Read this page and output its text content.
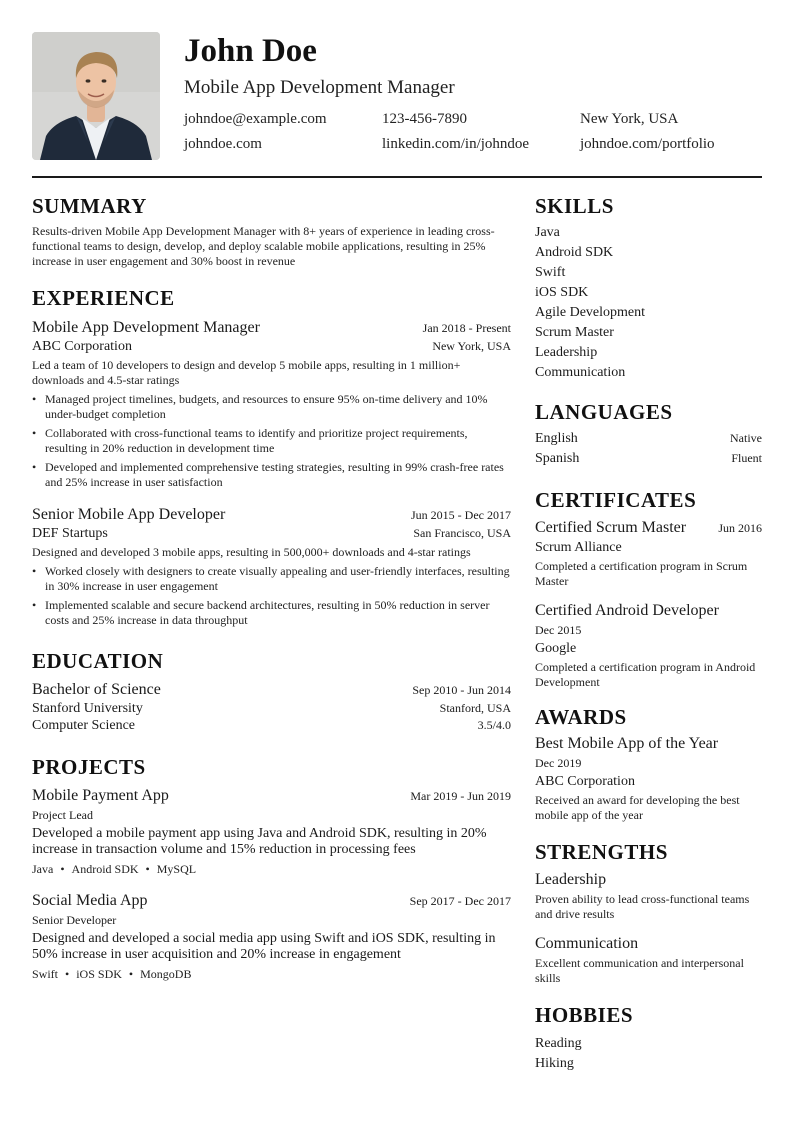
John Doe
Mobile App Development Manager
johndoe@example.com	123-456-7890	New York, USA
johndoe.com	linkedin.com/in/johndoe	johndoe.com/portfolio
SUMMARY
Results-driven Mobile App Development Manager with 8+ years of experience in leading cross-functional teams to design, develop, and deploy scalable mobile applications, resulting in 25% increase in user engagement and 30% boost in revenue
EXPERIENCE
Mobile App Development Manager	Jan 2018 - Present
ABC Corporation	New York, USA
Led a team of 10 developers to design and develop 5 mobile apps, resulting in 1 million+ downloads and 4.5-star ratings
• Managed project timelines, budgets, and resources to ensure 95% on-time delivery and 10% under-budget completion
• Collaborated with cross-functional teams to identify and prioritize project requirements, resulting in 20% reduction in development time
• Developed and implemented comprehensive testing strategies, resulting in 99% crash-free rates and 25% increase in user satisfaction
Senior Mobile App Developer	Jun 2015 - Dec 2017
DEF Startups	San Francisco, USA
Designed and developed 3 mobile apps, resulting in 500,000+ downloads and 4-star ratings
• Worked closely with designers to create visually appealing and user-friendly interfaces, resulting in 30% increase in user engagement
• Implemented scalable and secure backend architectures, resulting in 50% reduction in server costs and 25% increase in data throughput
EDUCATION
Bachelor of Science	Sep 2010 - Jun 2014
Stanford University	Stanford, USA
Computer Science	3.5/4.0
PROJECTS
Mobile Payment App	Mar 2019 - Jun 2019
Project Lead
Developed a mobile payment app using Java and Android SDK, resulting in 20% increase in transaction volume and 15% reduction in processing fees
Java • Android SDK • MySQL
Social Media App	Sep 2017 - Dec 2017
Senior Developer
Designed and developed a social media app using Swift and iOS SDK, resulting in 50% increase in user acquisition and 20% increase in engagement
Swift • iOS SDK • MongoDB
SKILLS
Java
Android SDK
Swift
iOS SDK
Agile Development
Scrum Master
Leadership
Communication
LANGUAGES
English	Native
Spanish	Fluent
CERTIFICATES
Certified Scrum Master	Jun 2016
Scrum Alliance
Completed a certification program in Scrum Master
Certified Android Developer
Dec 2015
Google
Completed a certification program in Android Development
AWARDS
Best Mobile App of the Year
Dec 2019
ABC Corporation
Received an award for developing the best mobile app of the year
STRENGTHS
Leadership
Proven ability to lead cross-functional teams and drive results
Communication
Excellent communication and interpersonal skills
HOBBIES
Reading
Hiking
